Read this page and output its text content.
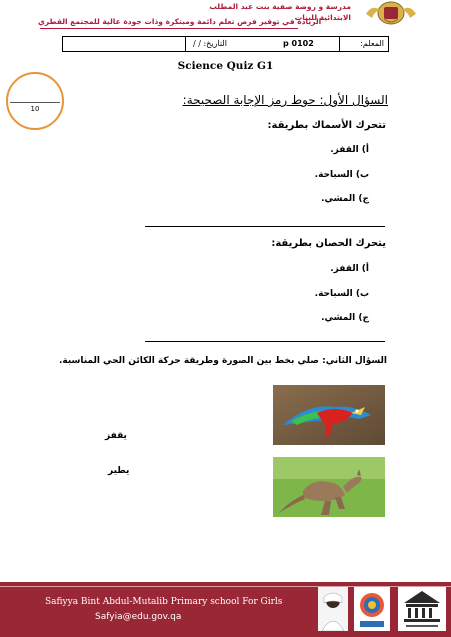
مدرسة و روضة صفية بنت عبد المطلب
الابتدائية للبنات
الريادة في توفير فرص تعلم دائمة ومبتكرة وذات جودة عالية للمجتمع القطري
المعلم:
p 0102
التاريخ: / /
Science Quiz G1
10
السؤال الأول: حوط رمز الإجابة الصحيحة:
تتحرك الأسماك بطريقة:
أ) القفز.
ب) السباحة.
ج) المشي.
يتحرك الحصان بطريقة:
أ) القفز.
ب) السباحة.
ج) المشي.
السؤال الثاني: صلي بخط بين الصورة وطريقة حركة الكائن الحي المناسبة.
يقفز
يطير
Safiyya Bint Abdul-Mutalib Primary school For Girls
Safyia@edu.gov.qa
